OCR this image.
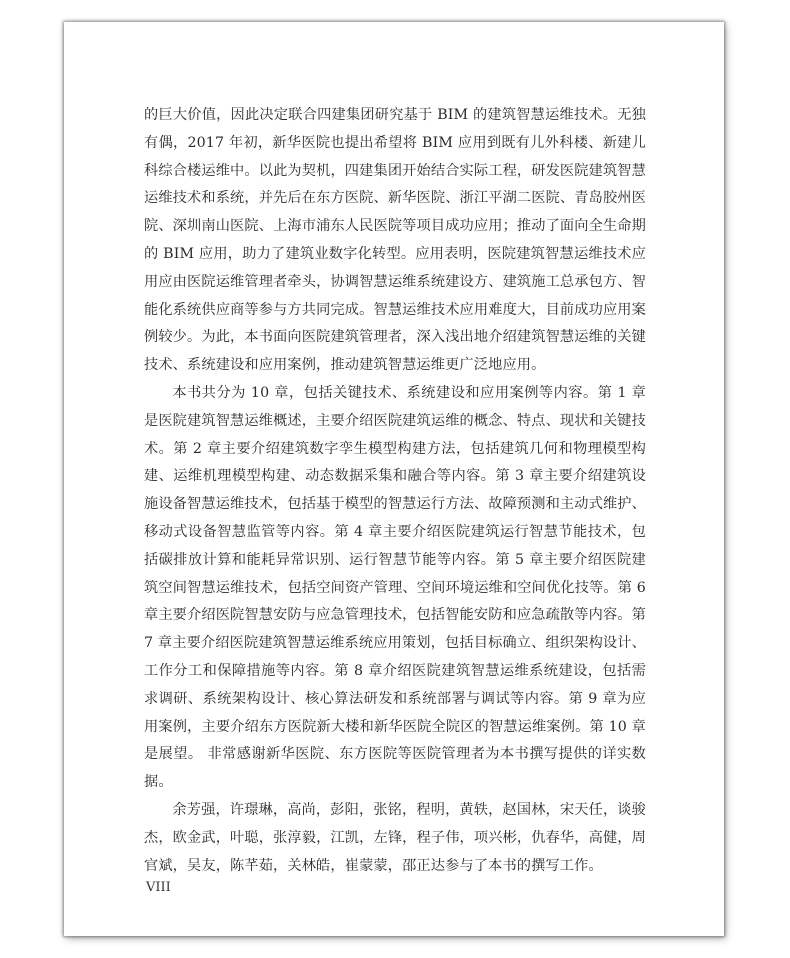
的巨大价值，因此决定联合四建集团研究基于 BIM 的建筑智慧运维技术。无独有偶，2017 年初，新华医院也提出希望将 BIM 应用到既有儿外科楼、新建儿科综合楼运维中。以此为契机，四建集团开始结合实际工程，研发医院建筑智慧运维技术和系统，并先后在东方医院、新华医院、浙江平湖二医院、青岛胶州医院、深圳南山医院、上海市浦东人民医院等项目成功应用；推动了面向全生命期的 BIM 应用，助力了建筑业数字化转型。应用表明，医院建筑智慧运维技术应用应由医院运维管理者牵头，协调智慧运维系统建设方、建筑施工总承包方、智能化系统供应商等参与方共同完成。智慧运维技术应用难度大，目前成功应用案例较少。为此，本书面向医院建筑管理者，深入浅出地介绍建筑智慧运维的关键技术、系统建设和应用案例，推动建筑智慧运维更广泛地应用。

本书共分为 10 章，包括关键技术、系统建设和应用案例等内容。第 1 章是医院建筑智慧运维概述，主要介绍医院建筑运维的概念、特点、现状和关键技术。第 2 章主要介绍建筑数字孪生模型构建方法，包括建筑几何和物理模型构建、运维机理模型构建、动态数据采集和融合等内容。第 3 章主要介绍建筑设施设备智慧运维技术，包括基于模型的智慧运行方法、故障预测和主动式维护、移动式设备智慧监管等内容。第 4 章主要介绍医院建筑运行智慧节能技术，包括碳排放计算和能耗异常识别、运行智慧节能等内容。第 5 章主要介绍医院建筑空间智慧运维技术，包括空间资产管理、空间环境运维和空间优化技等。第 6 章主要介绍医院智慧安防与应急管理技术，包括智能安防和应急疏散等内容。第 7 章主要介绍医院建筑智慧运维系统应用策划，包括目标确立、组织架构设计、工作分工和保障措施等内容。第 8 章介绍医院建筑智慧运维系统建设，包括需求调研、系统架构设计、核心算法研发和系统部署与调试等内容。第 9 章为应用案例，主要介绍东方医院新大楼和新华医院全院区的智慧运维案例。第 10 章是展望。 非常感谢新华医院、东方医院等医院管理者为本书撰写提供的详实数据。

余芳强，许璟琳，高尚，彭阳，张铭，程明，黄轶，赵国林，宋天任，谈骏杰，欧金武，叶聪，张淳毅，江凯，左锋，程子伟，项兴彬，仇春华，高健，周官斌，吴友，陈芊茹，关林皓，崔蒙蒙，邵正达参与了本书的撰写工作。

VIII
